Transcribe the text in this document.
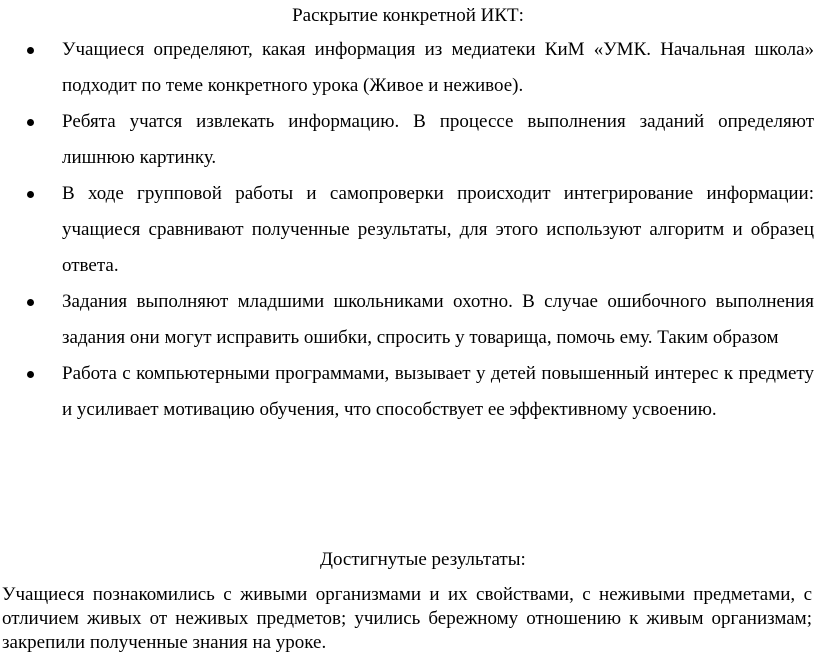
Раскрытие конкретной ИКТ:
Учащиеся определяют, какая информация из медиатеки КиМ «УМК. Начальная школа» подходит по теме конкретного урока (Живое и неживое).
Ребята учатся извлекать информацию. В процессе выполнения заданий определяют лишнюю картинку.
В ходе групповой работы и самопроверки происходит интегрирование информации: учащиеся сравнивают полученные результаты, для этого используют алгоритм и образец ответа.
Задания выполняют младшими школьниками охотно. В случае ошибочного выполнения задания они могут исправить ошибки, спросить у товарища, помочь ему. Таким образом
Работа с компьютерными программами, вызывает у детей повышенный интерес к предмету и усиливает мотивацию обучения, что способствует ее эффективному усвоению.
Достигнутые результаты:

Учащиеся познакомились с живыми организмами и их свойствами, с неживыми предметами, с отличием живых от неживых предметов; учились бережному отношению к живым организмам; закрепили полученные знания на уроке.
